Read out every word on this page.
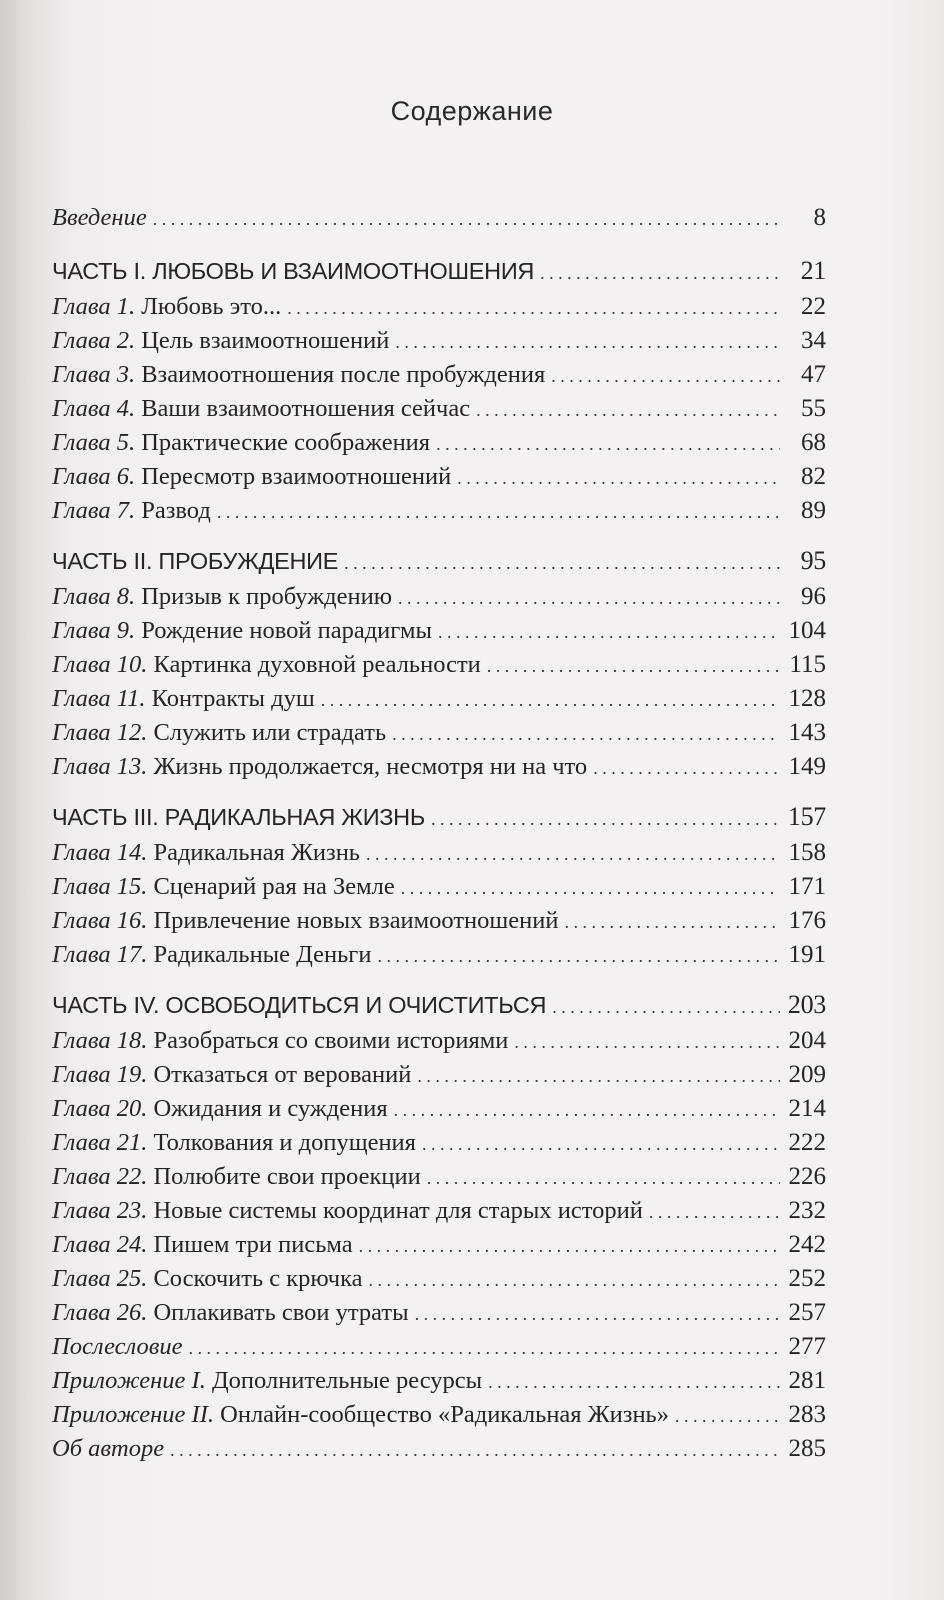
Содержание
Введение . . .	8
ЧАСТЬ I. ЛЮБОВЬ И ВЗАИМООТНОШЕНИЯ . . .	21
Глава 1. Любовь это... . . .	22
Глава 2. Цель взаимоотношений . . .	34
Глава 3. Взаимоотношения после пробуждения . . .	47
Глава 4. Ваши взаимоотношения сейчас . . .	55
Глава 5. Практические соображения . . .	68
Глава 6. Пересмотр взаимоотношений . . .	82
Глава 7. Развод . . .	89
ЧАСТЬ II. ПРОБУЖДЕНИЕ . . .	95
Глава 8. Призыв к пробуждению . . .	96
Глава 9. Рождение новой парадигмы . . .	104
Глава 10. Картинка духовной реальности . . .	115
Глава 11. Контракты душ . . .	128
Глава 12. Служить или страдать . . .	143
Глава 13. Жизнь продолжается, несмотря ни на что . . .	149
ЧАСТЬ III. РАДИКАЛЬНАЯ ЖИЗНЬ . . .	157
Глава 14. Радикальная Жизнь . . .	158
Глава 15. Сценарий рая на Земле . . .	171
Глава 16. Привлечение новых взаимоотношений . . .	176
Глава 17. Радикальные Деньги . . .	191
ЧАСТЬ IV. ОСВОБОДИТЬСЯ И ОЧИСТИТЬСЯ . . .	203
Глава 18. Разобраться со своими историями . . .	204
Глава 19. Отказаться от верований . . .	209
Глава 20. Ожидания и суждения . . .	214
Глава 21. Толкования и допущения . . .	222
Глава 22. Полюбите свои проекции . . .	226
Глава 23. Новые системы координат для старых историй . . .	232
Глава 24. Пишем три письма . . .	242
Глава 25. Соскочить с крючка . . .	252
Глава 26. Оплакивать свои утраты . . .	257
Послесловие . . .	277
Приложение I. Дополнительные ресурсы . . .	281
Приложение II. Онлайн-сообщество «Радикальная Жизнь» . . .	283
Об авторе . . .	285
